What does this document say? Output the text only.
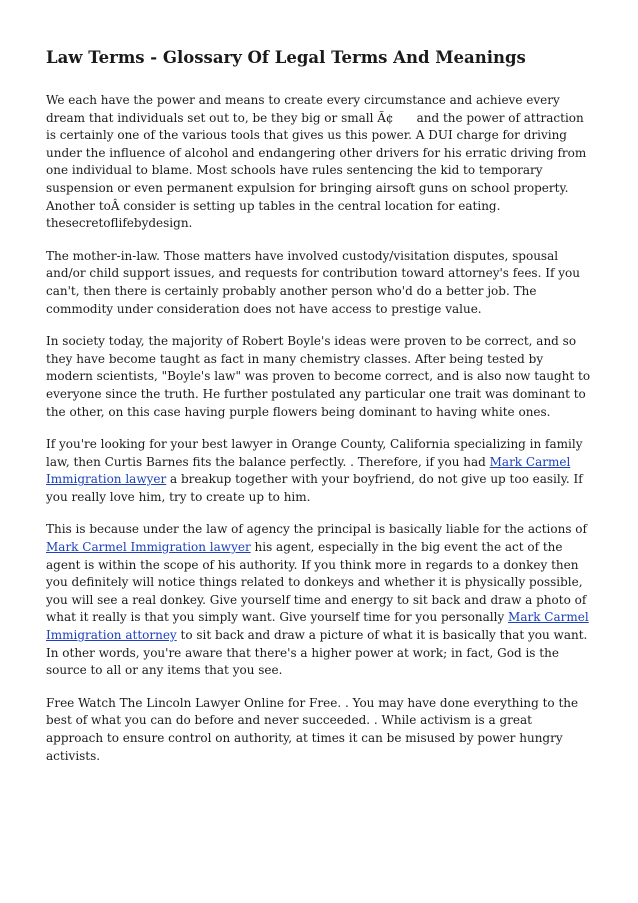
Law Terms - Glossary Of Legal Terms And Meanings

We each have the power and means to create every circumstance and achieve every dream that individuals set out to, be they big or small Ã¢ and the power of attraction is certainly one of the various tools that gives us this power. A DUI charge for driving under the influence of alcohol and endangering other drivers for his erratic driving from one individual to blame. Most schools have rules sentencing the kid to temporary suspension or even permanent expulsion for bringing airsoft guns on school property. Another toÂ consider is setting up tables in the central location for eating. thesecretoflifebydesign.

The mother-in-law. Those matters have involved custody/visitation disputes, spousal and/or child support issues, and requests for contribution toward attorney's fees. If you can't, then there is certainly probably another person who'd do a better job. The commodity under consideration does not have access to prestige value.

In society today, the majority of Robert Boyle's ideas were proven to be correct, and so they have become taught as fact in many chemistry classes. After being tested by modern scientists, "Boyle's law" was proven to become correct, and is also now taught to everyone since the truth. He further postulated any particular one trait was dominant to the other, on this case having purple flowers being dominant to having white ones.

If you're looking for your best lawyer in Orange County, California specializing in family law, then Curtis Barnes fits the balance perfectly. . Therefore, if you had Mark Carmel Immigration lawyer a breakup together with your boyfriend, do not give up too easily. If you really love him, try to create up to him.

This is because under the law of agency the principal is basically liable for the actions of Mark Carmel Immigration lawyer his agent, especially in the big event the act of the agent is within the scope of his authority. If you think more in regards to a donkey then you definitely will notice things related to donkeys and whether it is physically possible, you will see a real donkey. Give yourself time and energy to sit back and draw a photo of what it really is that you simply want. Give yourself time for you personally Mark Carmel Immigration attorney to sit back and draw a picture of what it is basically that you want. In other words, you're aware that there's a higher power at work; in fact, God is the source to all or any items that you see.

Free Watch The Lincoln Lawyer Online for Free. . You may have done everything to the best of what you can do before and never succeeded. . While activism is a great approach to ensure control on authority, at times it can be misused by power hungry activists.
